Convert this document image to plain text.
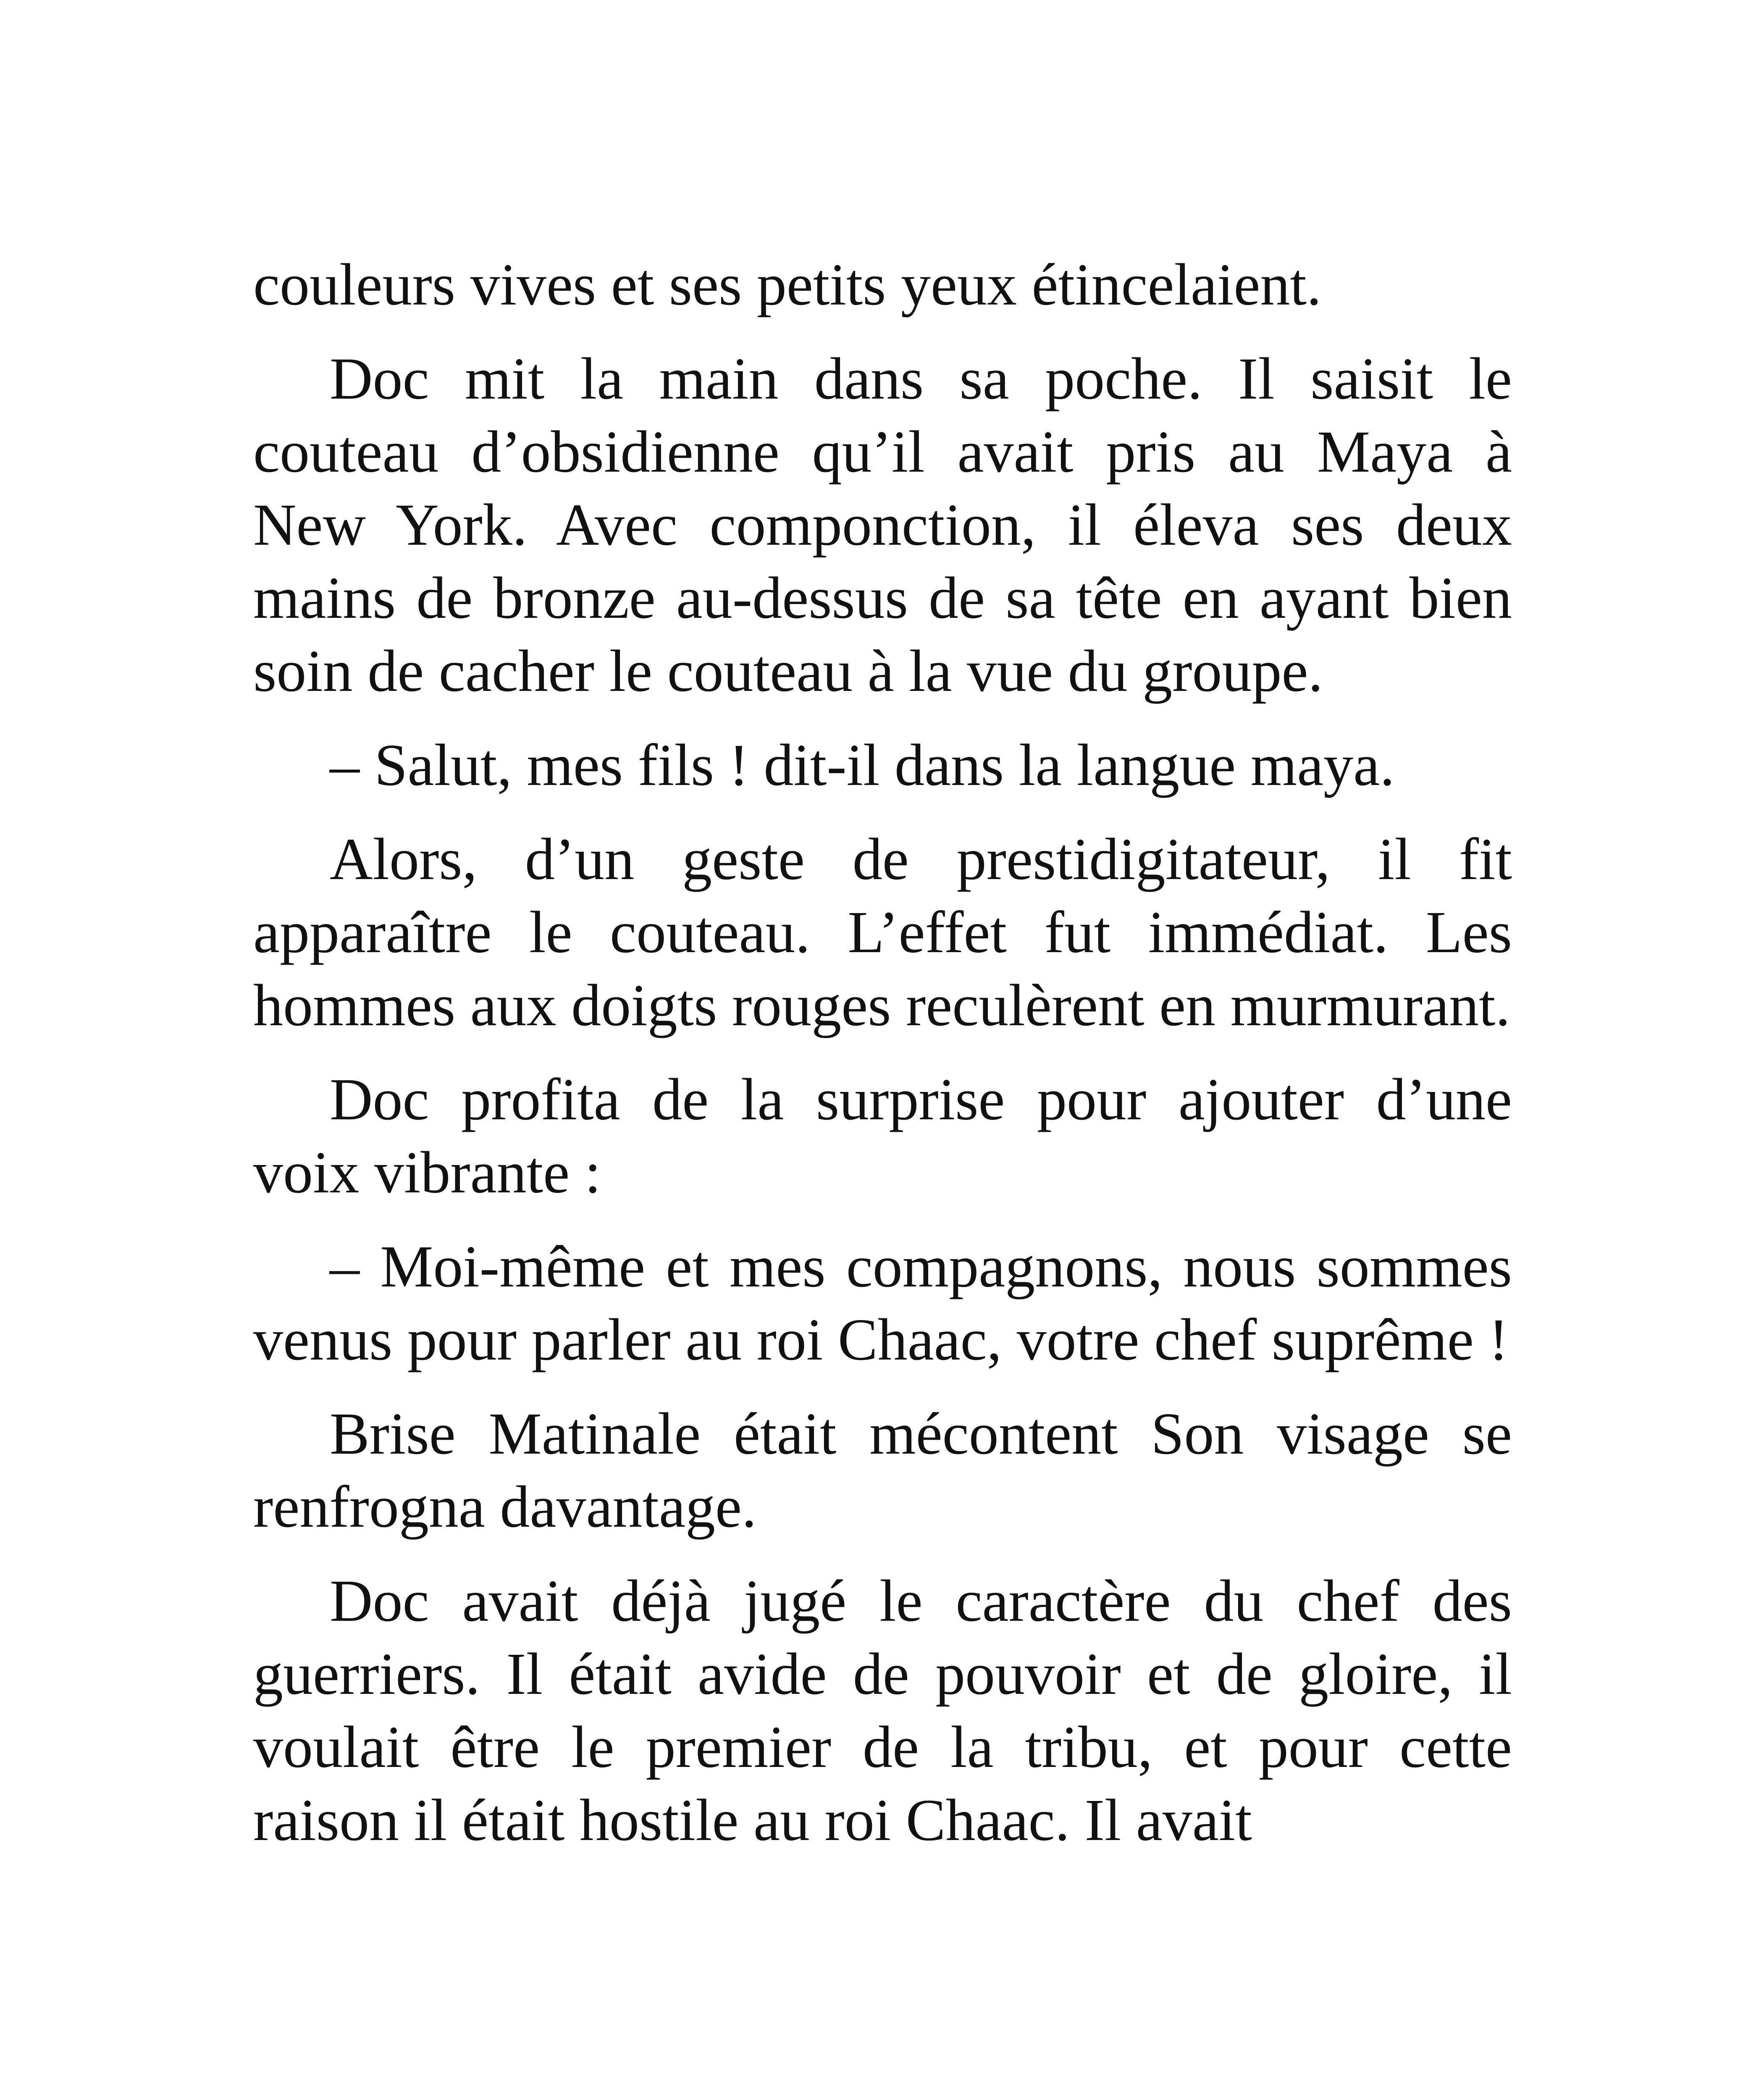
couleurs vives et ses petits yeux étincelaient.

Doc mit la main dans sa poche. Il saisit le couteau d’obsidienne qu’il avait pris au Maya à New York. Avec componction, il éleva ses deux mains de bronze au-dessus de sa tête en ayant bien soin de cacher le couteau à la vue du groupe.

– Salut, mes fils ! dit-il dans la langue maya.

Alors, d’un geste de prestidigitateur, il fit apparaître le couteau. L’effet fut immédiat. Les hommes aux doigts rouges reculèrent en murmurant.

Doc profita de la surprise pour ajouter d’une voix vibrante :

– Moi-même et mes compagnons, nous sommes venus pour parler au roi Chaac, votre chef suprême !

Brise Matinale était mécontent Son visage se renfrogna davantage.

Doc avait déjà jugé le caractère du chef des guerriers. Il était avide de pouvoir et de gloire, il voulait être le premier de la tribu, et pour cette raison il était hostile au roi Chaac. Il avait
